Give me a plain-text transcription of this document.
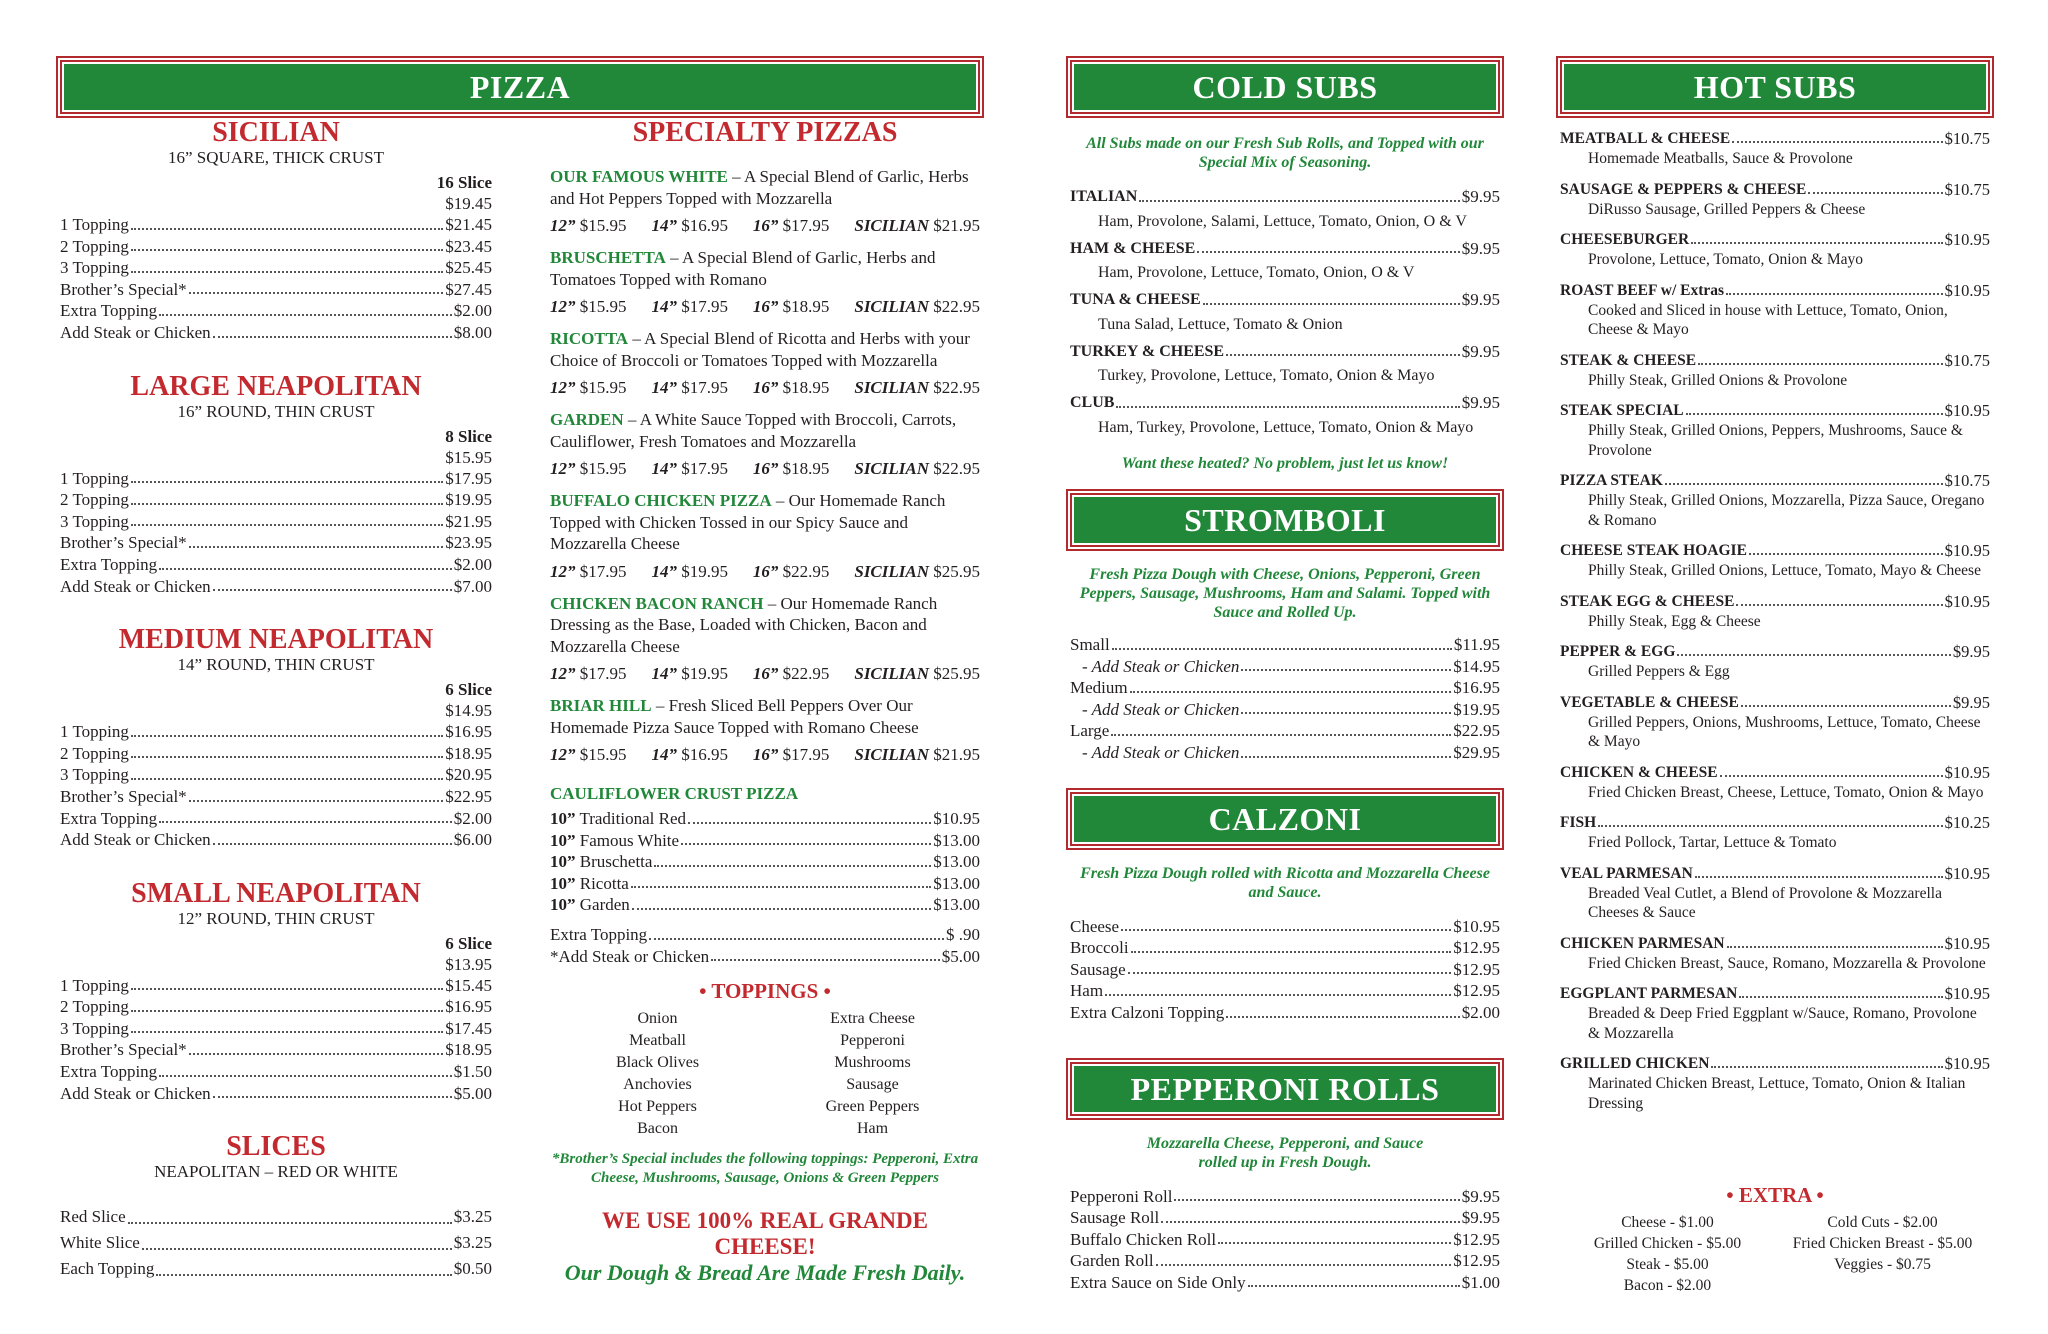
PIZZA
SICILIAN
16” SQUARE, THICK CRUST
16 Slice
$19.45
1 Topping	$21.45
2 Topping	$23.45
3 Topping	$25.45
Brother’s Special*	$27.45
Extra Topping	$2.00
Add Steak or Chicken	$8.00
LARGE NEAPOLITAN
16” ROUND, THIN CRUST
8 Slice
$15.95
1 Topping	$17.95
2 Topping	$19.95
3 Topping	$21.95
Brother’s Special*	$23.95
Extra Topping	$2.00
Add Steak or Chicken	$7.00
MEDIUM NEAPOLITAN
14” ROUND, THIN CRUST
6 Slice
$14.95
1 Topping	$16.95
2 Topping	$18.95
3 Topping	$20.95
Brother’s Special*	$22.95
Extra Topping	$2.00
Add Steak or Chicken	$6.00
SMALL NEAPOLITAN
12” ROUND, THIN CRUST
6 Slice
$13.95
1 Topping	$15.45
2 Topping	$16.95
3 Topping	$17.45
Brother’s Special*	$18.95
Extra Topping	$1.50
Add Steak or Chicken	$5.00
SLICES
NEAPOLITAN – RED OR WHITE
Red Slice	$3.25
White Slice	$3.25
Each Topping	$0.50
SPECIALTY PIZZAS
OUR FAMOUS WHITE – A Special Blend of Garlic, Herbs and Hot Peppers Topped with Mozzarella
12” $15.95 14” $16.95 16” $17.95 SICILIAN $21.95
BRUSCHETTA – A Special Blend of Garlic, Herbs and Tomatoes Topped with Romano
12” $15.95 14” $17.95 16” $18.95 SICILIAN $22.95
RICOTTA – A Special Blend of Ricotta and Herbs with your Choice of Broccoli or Tomatoes Topped with Mozzarella
12” $15.95 14” $17.95 16” $18.95 SICILIAN $22.95
GARDEN – A White Sauce Topped with Broccoli, Carrots, Cauliflower, Fresh Tomatoes and Mozzarella
12” $15.95 14” $17.95 16” $18.95 SICILIAN $22.95
BUFFALO CHICKEN PIZZA – Our Homemade Ranch Topped with Chicken Tossed in our Spicy Sauce and Mozzarella Cheese
12” $17.95 14” $19.95 16” $22.95 SICILIAN $25.95
CHICKEN BACON RANCH – Our Homemade Ranch Dressing as the Base, Loaded with Chicken, Bacon and Mozzarella Cheese
12” $17.95 14” $19.95 16” $22.95 SICILIAN $25.95
BRIAR HILL – Fresh Sliced Bell Peppers Over Our Homemade Pizza Sauce Topped with Romano Cheese
12” $15.95 14” $16.95 16” $17.95 SICILIAN $21.95
CAULIFLOWER CRUST PIZZA
10” Traditional Red	$10.95
10” Famous White	$13.00
10” Bruschetta	$13.00
10” Ricotta	$13.00
10” Garden	$13.00
Extra Topping	$ .90
*Add Steak or Chicken	$5.00
• TOPPINGS •
Onion	Extra Cheese
Meatball	Pepperoni
Black Olives	Mushrooms
Anchovies	Sausage
Hot Peppers	Green Peppers
Bacon	Ham
*Brother’s Special includes the following toppings: Pepperoni, Extra Cheese, Mushrooms, Sausage, Onions & Green Peppers
WE USE 100% REAL GRANDE CHEESE!
Our Dough & Bread Are Made Fresh Daily.
COLD SUBS
All Subs made on our Fresh Sub Rolls, and Topped with our Special Mix of Seasoning.
ITALIAN	$9.95
Ham, Provolone, Salami, Lettuce, Tomato, Onion, O & V
HAM & CHEESE	$9.95
Ham, Provolone, Lettuce, Tomato, Onion, O & V
TUNA & CHEESE	$9.95
Tuna Salad, Lettuce, Tomato & Onion
TURKEY & CHEESE	$9.95
Turkey, Provolone, Lettuce, Tomato, Onion & Mayo
CLUB	$9.95
Ham, Turkey, Provolone, Lettuce, Tomato, Onion & Mayo
Want these heated? No problem, just let us know!
STROMBOLI
Fresh Pizza Dough with Cheese, Onions, Pepperoni, Green Peppers, Sausage, Mushrooms, Ham and Salami. Topped with Sauce and Rolled Up.
Small	$11.95
- Add Steak or Chicken	$14.95
Medium	$16.95
- Add Steak or Chicken	$19.95
Large	$22.95
- Add Steak or Chicken	$29.95
CALZONI
Fresh Pizza Dough rolled with Ricotta and Mozzarella Cheese and Sauce.
Cheese	$10.95
Broccoli	$12.95
Sausage	$12.95
Ham	$12.95
Extra Calzoni Topping	$2.00
PEPPERONI ROLLS
Mozzarella Cheese, Pepperoni, and Sauce rolled up in Fresh Dough.
Pepperoni Roll	$9.95
Sausage Roll	$9.95
Buffalo Chicken Roll	$12.95
Garden Roll	$12.95
Extra Sauce on Side Only	$1.00
HOT SUBS
MEATBALL & CHEESE	$10.75
Homemade Meatballs, Sauce & Provolone
SAUSAGE & PEPPERS & CHEESE	$10.75
DiRusso Sausage, Grilled Peppers & Cheese
CHEESEBURGER	$10.95
Provolone, Lettuce, Tomato, Onion & Mayo
ROAST BEEF w/ Extras	$10.95
Cooked and Sliced in house with Lettuce, Tomato, Onion, Cheese & Mayo
STEAK & CHEESE	$10.75
Philly Steak, Grilled Onions & Provolone
STEAK SPECIAL	$10.95
Philly Steak, Grilled Onions, Peppers, Mushrooms, Sauce & Provolone
PIZZA STEAK	$10.75
Philly Steak, Grilled Onions, Mozzarella, Pizza Sauce, Oregano & Romano
CHEESE STEAK HOAGIE	$10.95
Philly Steak, Grilled Onions, Lettuce, Tomato, Mayo & Cheese
STEAK EGG & CHEESE	$10.95
Philly Steak, Egg & Cheese
PEPPER & EGG	$9.95
Grilled Peppers & Egg
VEGETABLE & CHEESE	$9.95
Grilled Peppers, Onions, Mushrooms, Lettuce, Tomato, Cheese & Mayo
CHICKEN & CHEESE	$10.95
Fried Chicken Breast, Cheese, Lettuce, Tomato, Onion & Mayo
FISH	$10.25
Fried Pollock, Tartar, Lettuce & Tomato
VEAL PARMESAN	$10.95
Breaded Veal Cutlet, a Blend of Provolone & Mozzarella Cheeses & Sauce
CHICKEN PARMESAN	$10.95
Fried Chicken Breast, Sauce, Romano, Mozzarella & Provolone
EGGPLANT PARMESAN	$10.95
Breaded & Deep Fried Eggplant w/Sauce, Romano, Provolone & Mozzarella
GRILLED CHICKEN	$10.95
Marinated Chicken Breast, Lettuce, Tomato, Onion & Italian Dressing
• EXTRA •
Cheese - $1.00	Cold Cuts - $2.00
Grilled Chicken - $5.00	Fried Chicken Breast - $5.00
Steak - $5.00	Veggies - $0.75
Bacon - $2.00
